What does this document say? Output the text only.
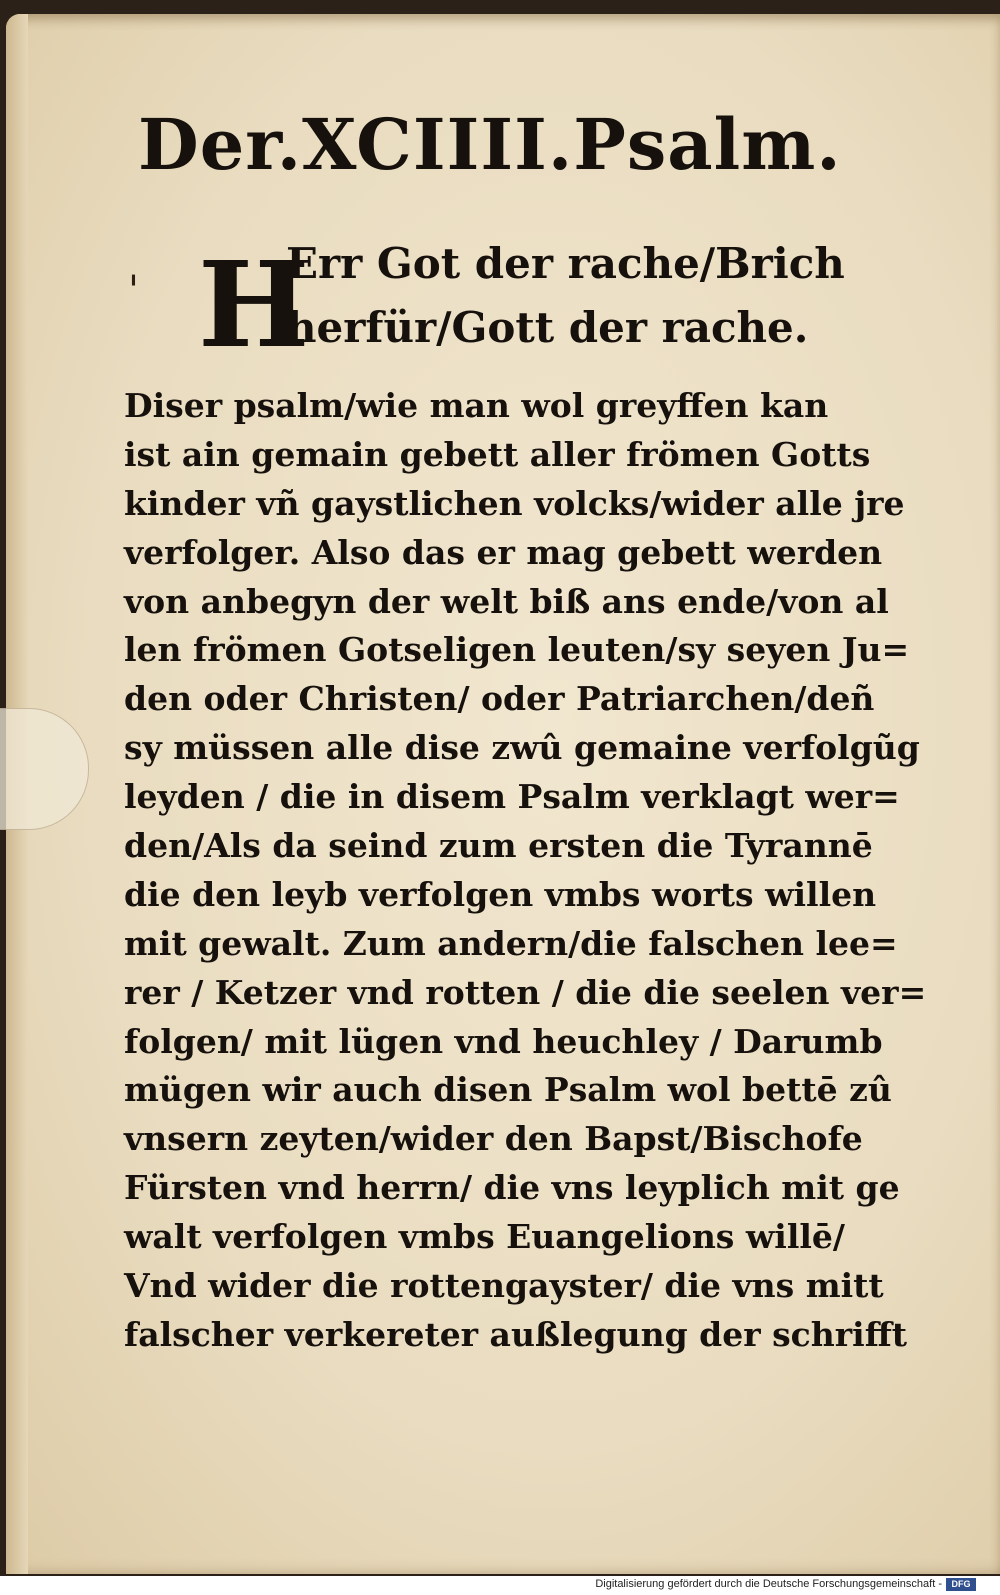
Der.XCIIII.Psalm.
' H
Err Got der rache/Brich
herfür/Gott der rache.
Diser psalm/wie man wol greyffen kan
ist ain gemain gebett aller frömen Gotts
kinder vñ gaystlichen volcks/wider alle jre
verfolger. Also das er mag gebett werden
von anbegyn der welt biß ans ende/von al
len frömen Gotseligen leuten/sy seyen Ju=
den oder Christen/ oder Patriarchen/deñ
sy müssen alle dise zwû gemaine verfolgũg
leyden / die in disem Psalm verklagt wer=
den/Als da seind zum ersten die Tyrannē
die den leyb verfolgen vmbs worts willen
mit gewalt. Zum andern/die falschen lee=
rer / Ketzer vnd rotten / die die seelen ver=
folgen/ mit lügen vnd heuchley / Darumb
mügen wir auch disen Psalm wol bettē zû
vnsern zeyten/wider den Bapst/Bischofe
Fürsten vnd herrn/ die vns leyplich mit ge
walt verfolgen vmbs Euangelions willē/
Vnd wider die rottengayster/ die vns mitt
falscher verkereter außlegung der schrifft
Digitalisierung gefördert durch die Deutsche Forschungsgemeinschaft -	DFG
